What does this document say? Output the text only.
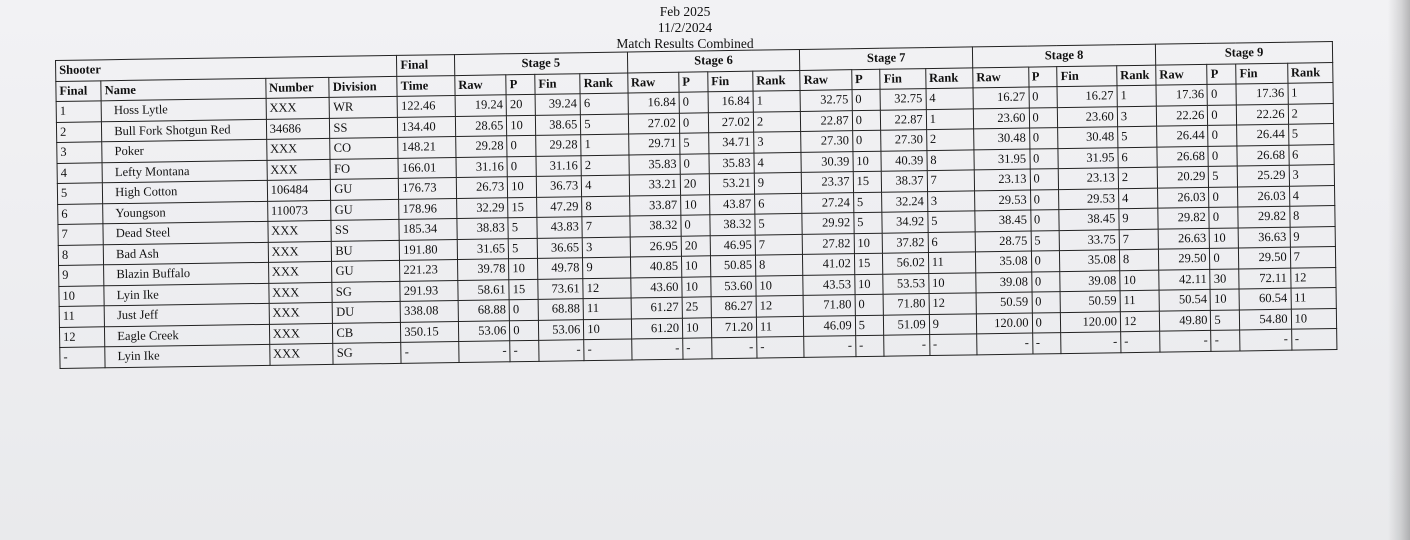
Feb 2025
11/2/2024
Match Results Combined
Shooter				Final	Stage 5				Stage 6				Stage 7				Stage 8				Stage 9			
Final	Name	Number	Division	Time	Raw	P	Fin	Rank	Raw	P	Fin	Rank	Raw	P	Fin	Rank	Raw	P	Fin	Rank	Raw	P	Fin	Rank
1	Hoss Lytle	XXX	WR	122.46	19.24	20	39.24	6	16.84	0	16.84	1	32.75	0	32.75	4	16.27	0	16.27	1	17.36	0	17.36	1
2	Bull Fork Shotgun Red	34686	SS	134.40	28.65	10	38.65	5	27.02	0	27.02	2	22.87	0	22.87	1	23.60	0	23.60	3	22.26	0	22.26	2
3	Poker	XXX	CO	148.21	29.28	0	29.28	1	29.71	5	34.71	3	27.30	0	27.30	2	30.48	0	30.48	5	26.44	0	26.44	5
4	Lefty Montana	XXX	FO	166.01	31.16	0	31.16	2	35.83	0	35.83	4	30.39	10	40.39	8	31.95	0	31.95	6	26.68	0	26.68	6
5	High Cotton	106484	GU	176.73	26.73	10	36.73	4	33.21	20	53.21	9	23.37	15	38.37	7	23.13	0	23.13	2	20.29	5	25.29	3
6	Youngson	110073	GU	178.96	32.29	15	47.29	8	33.87	10	43.87	6	27.24	5	32.24	3	29.53	0	29.53	4	26.03	0	26.03	4
7	Dead Steel	XXX	SS	185.34	38.83	5	43.83	7	38.32	0	38.32	5	29.92	5	34.92	5	38.45	0	38.45	9	29.82	0	29.82	8
8	Bad Ash	XXX	BU	191.80	31.65	5	36.65	3	26.95	20	46.95	7	27.82	10	37.82	6	28.75	5	33.75	7	26.63	10	36.63	9
9	Blazin Buffalo	XXX	GU	221.23	39.78	10	49.78	9	40.85	10	50.85	8	41.02	15	56.02	11	35.08	0	35.08	8	29.50	0	29.50	7
10	Lyin Ike	XXX	SG	291.93	58.61	15	73.61	12	43.60	10	53.60	10	43.53	10	53.53	10	39.08	0	39.08	10	42.11	30	72.11	12
11	Just Jeff	XXX	DU	338.08	68.88	0	68.88	11	61.27	25	86.27	12	71.80	0	71.80	12	50.59	0	50.59	11	50.54	10	60.54	11
12	Eagle Creek	XXX	CB	350.15	53.06	0	53.06	10	61.20	10	71.20	11	46.09	5	51.09	9	120.00	0	120.00	12	49.80	5	54.80	10
-	Lyin Ike	XXX	SG	-	-	-	-	-	-	-	-	-	-	-	-	-	-	-	-	-	-	-	-	-
